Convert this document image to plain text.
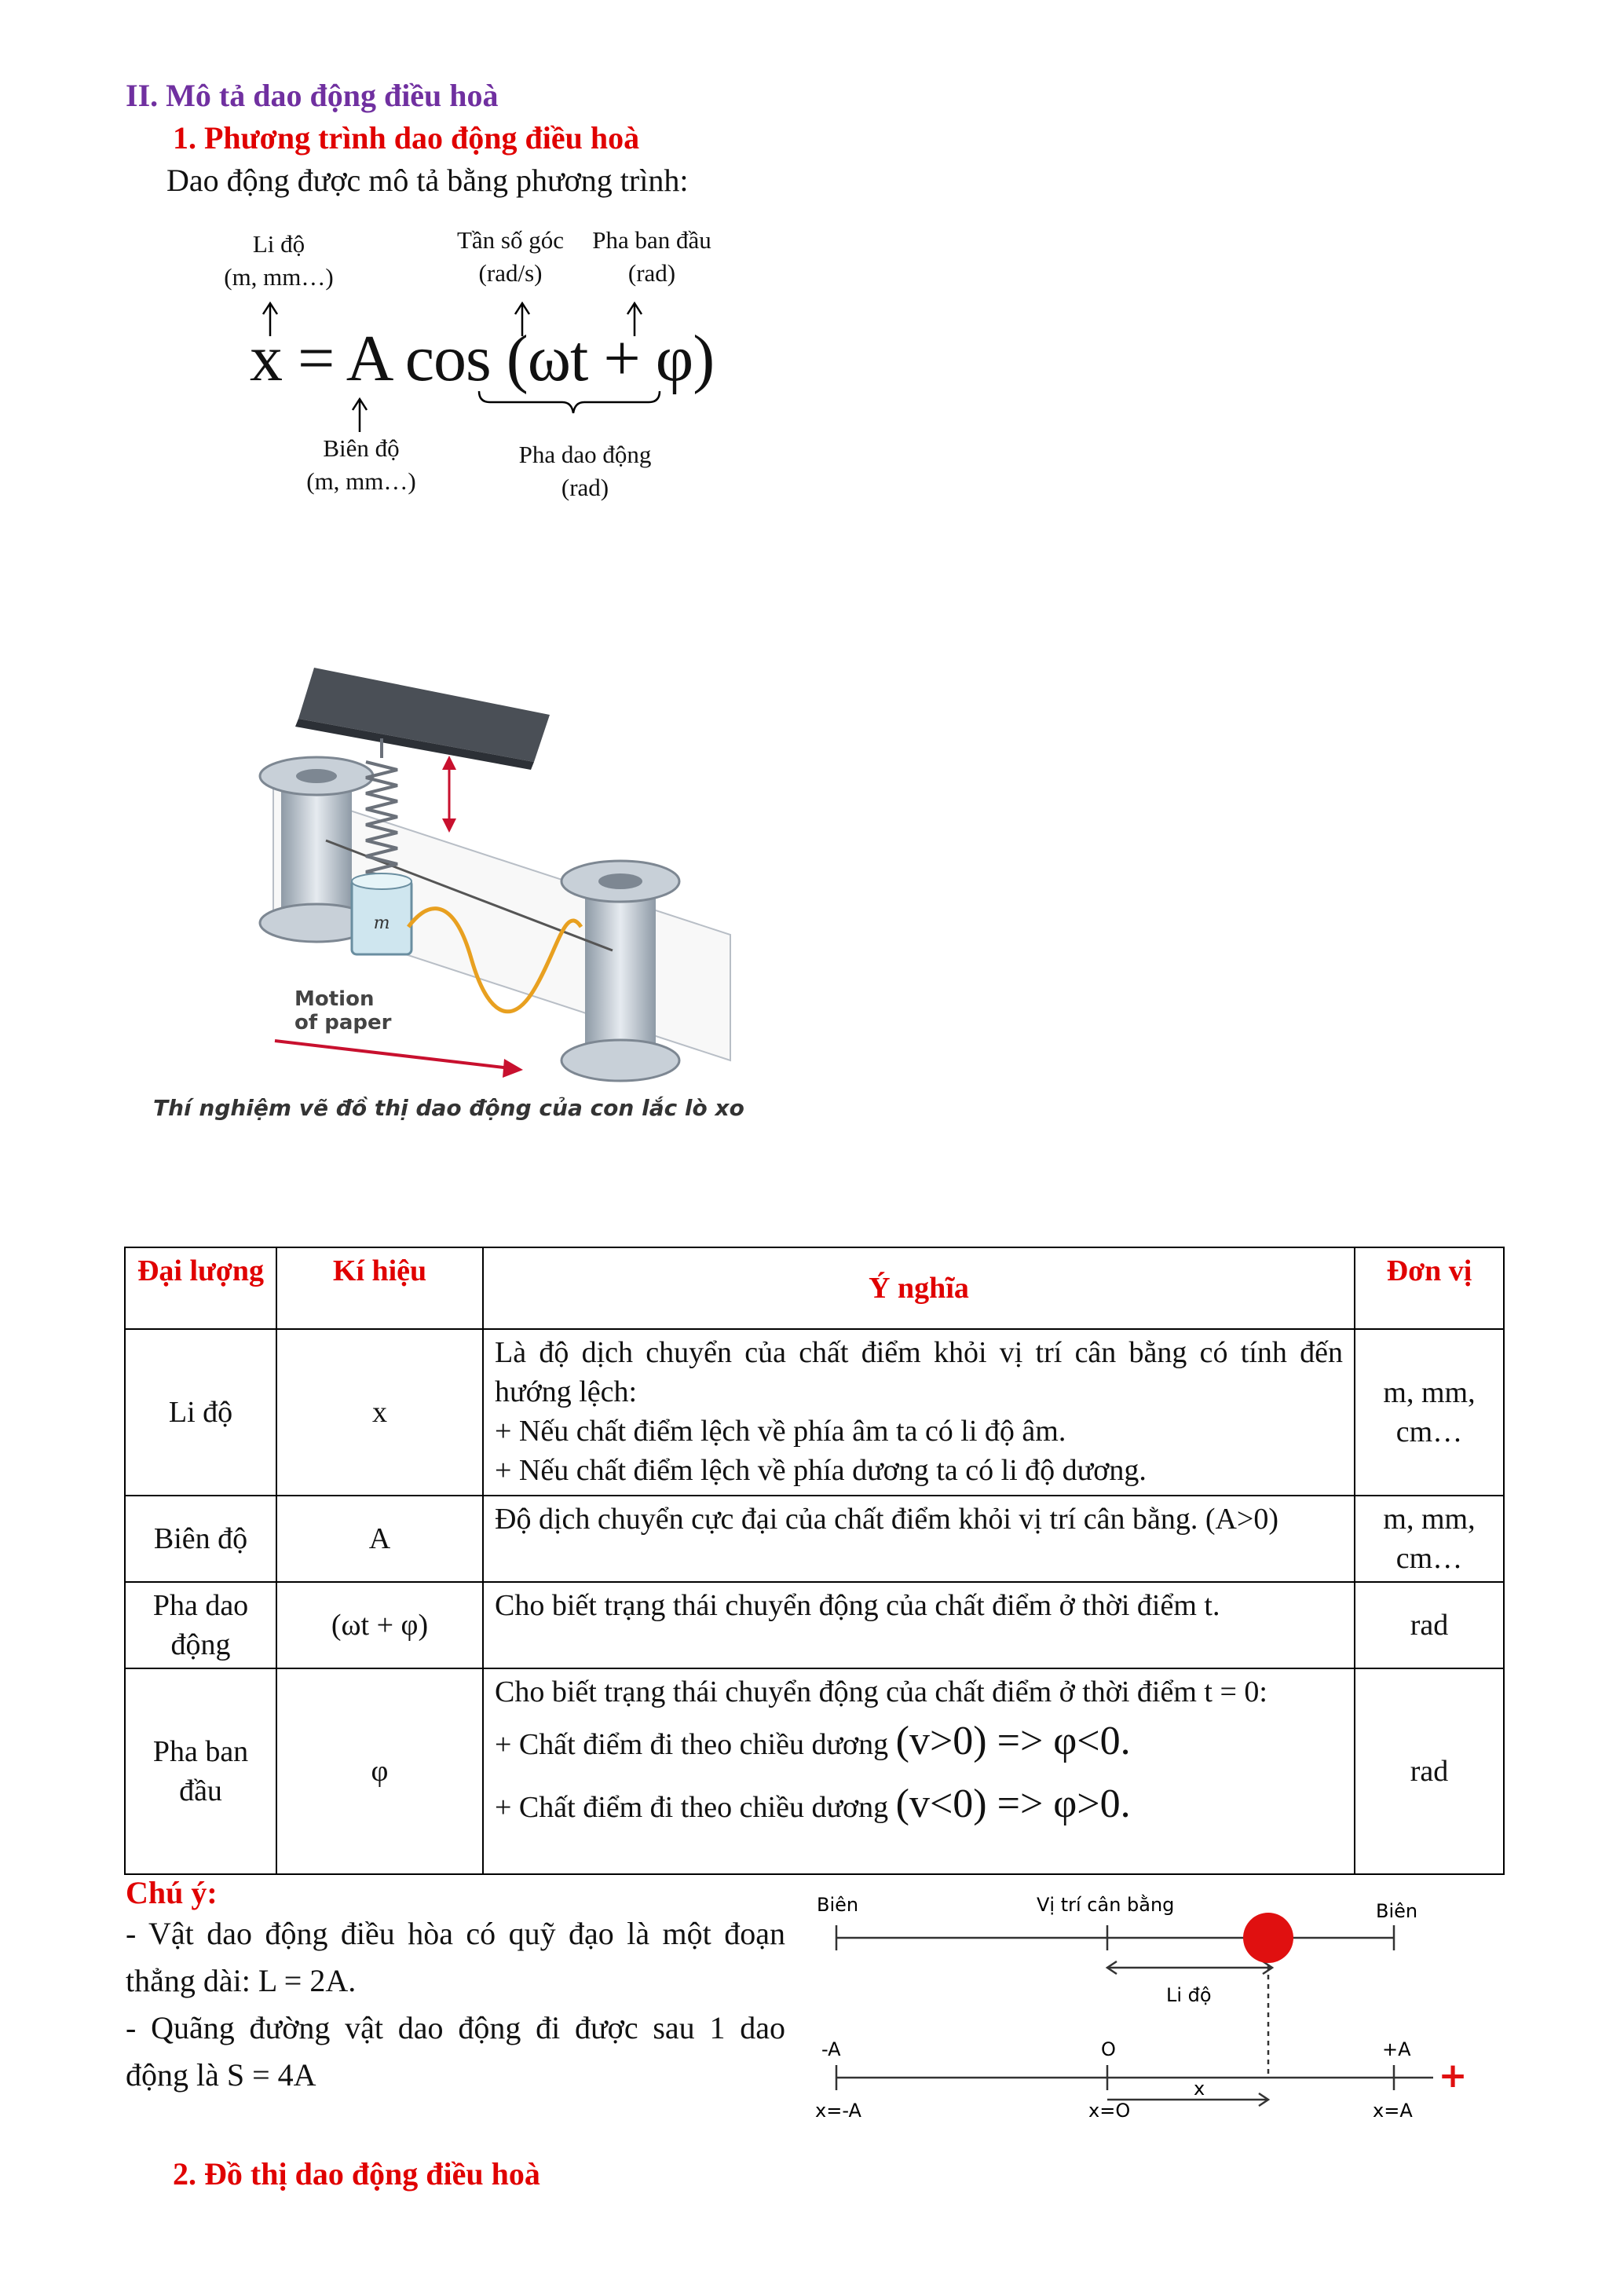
II. Mô tả dao động điều hoà
1. Phương trình dao động điều hoà
Dao động được mô tả bằng phương trình:
Li độ
(m, mm…)
Tần số góc
(rad/s)
Pha ban đầu
(rad)
x = A cos (ωt + φ)
Biên độ
(m, mm…)
Pha dao động
(rad)
m
Motion
of paper
Thí nghiệm vẽ đồ thị dao động của con lắc lò xo
Đại lượng	Kí hiệu	Ý nghĩa	Đơn vị
Li độ	x	Là độ dịch chuyển của chất điểm khỏi vị trí cân bằng có tính đến hướng lệch:
+ Nếu chất điểm lệch về phía âm ta có li độ âm.
+ Nếu chất điểm lệch về phía dương ta có li độ dương.	m, mm, cm…
Biên độ	A	Độ dịch chuyển cực đại của chất điểm khỏi vị trí cân bằng. (A>0)	m, mm, cm…
Pha dao động	(ωt + φ)	Cho biết trạng thái chuyển động của chất điểm ở thời điểm t.	rad
Pha ban đầu	φ	Cho biết trạng thái chuyển động của chất điểm ở thời điểm t = 0:
+ Chất điểm đi theo chiều dương (v>0) => φ<0.
+ Chất điểm đi theo chiều dương (v<0) => φ>0.	rad
Chú ý:
- Vật dao động điều hòa có quỹ đạo là một đoạn thẳng dài: L = 2A.
- Quãng đường vật dao động đi được sau 1 dao động là S = 4A
Biên	Vị trí cân bằng	Biên
Li độ
-A	O	+A
+
x=-A	x=O
x
x=A
2. Đồ thị dao động điều hoà
